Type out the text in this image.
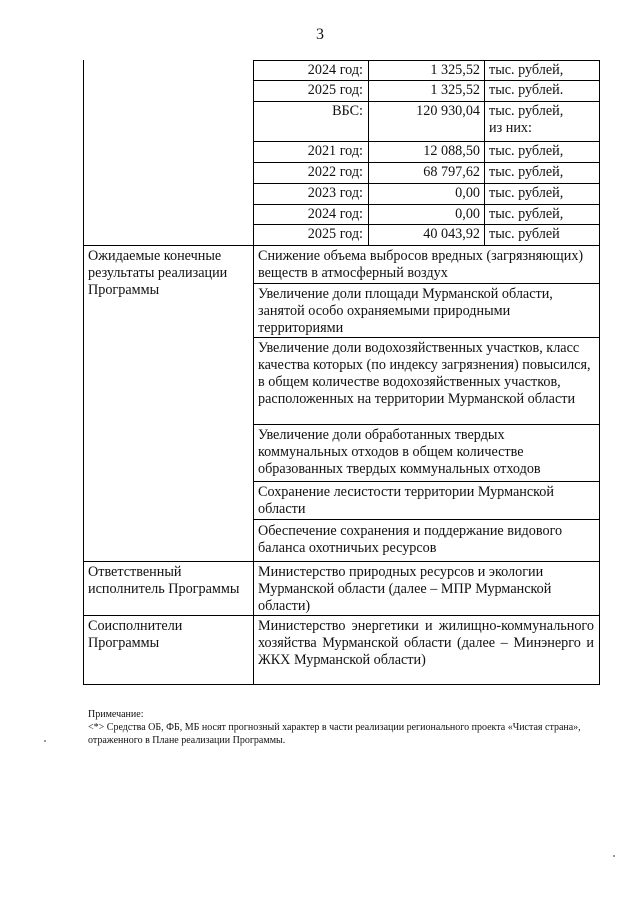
3
2024 год:	1 325,52 тыс. рублей,
2025 год:	1 325,52 тыс. рублей.
ВБС:	120 930,04 тыс. рублей,
из них:
2021 год:	12 088,50 тыс. рублей,
2022 год:	68 797,62 тыс. рублей,
2023 год:	0,00 тыс. рублей,
2024 год:	0,00 тыс. рублей,
2025 год:	40 043,92 тыс. рублей
Ожидаемые конечные результаты реализации Программы
Снижение объема выбросов вредных (загрязняющих) веществ в атмосферный воздух
Увеличение доли площади Мурманской области, занятой особо охраняемыми природными территориями
Увеличение доли водохозяйственных участков, класс качества которых (по индексу загрязнения) повысился, в общем количестве водохозяйственных участков, расположенных на территории Мурманской области
Увеличение доли обработанных твердых коммунальных отходов в общем количестве образованных твердых коммунальных отходов
Сохранение лесистости территории Мурманской области
Обеспечение сохранения и поддержание видового баланса охотничьих ресурсов
Ответственный исполнитель Программы
Министерство природных ресурсов и экологии Мурманской области (далее – МПР Мурманской области)
Соисполнители Программы
Министерство энергетики и жилищно-коммунального хозяйства Мурманской области (далее – Минэнерго и ЖКХ Мурманской области)
Примечание:
<*> Средства ОБ, ФБ, МБ носят прогнозный характер в части реализации регионального проекта «Чистая страна», отраженного в Плане реализации Программы.
